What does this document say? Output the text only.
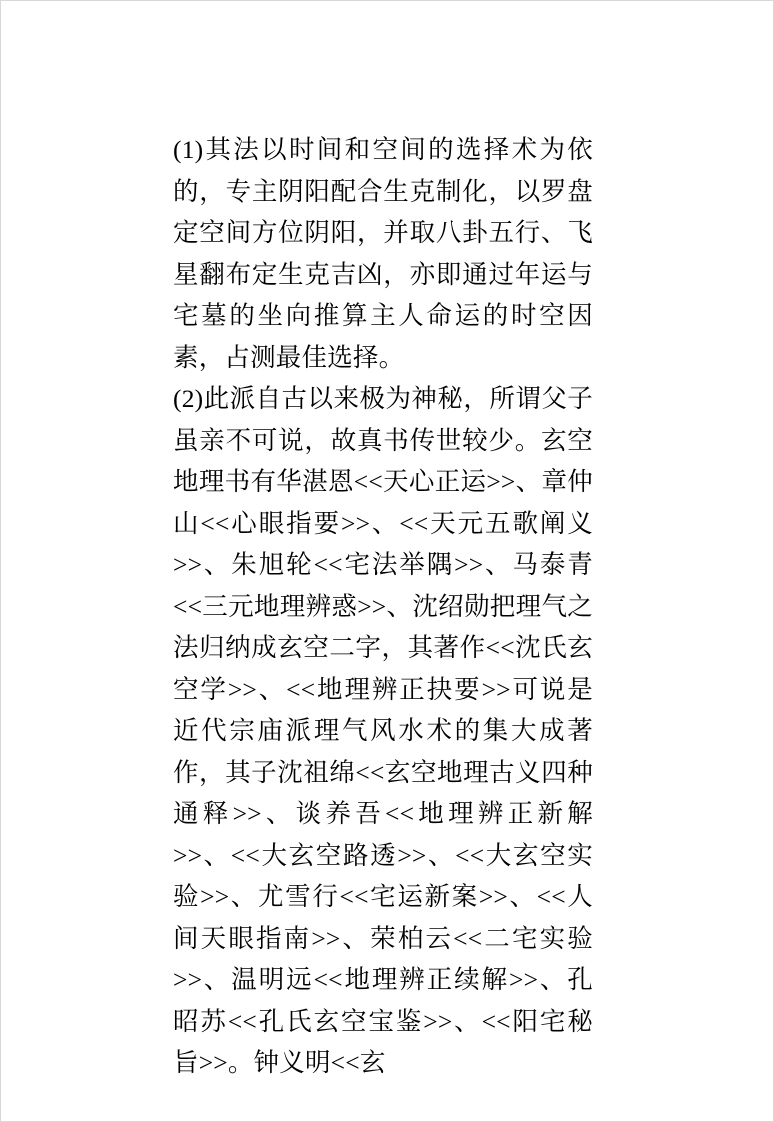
(1)其法以时间和空间的选择术为依的，专主阴阳配合生克制化，以罗盘定空间方位阴阳，并取八卦五行、飞星翻布定生克吉凶，亦即通过年运与宅墓的坐向推算主人命运的时空因素，占测最佳选择。

(2)此派自古以来极为神秘，所谓父子虽亲不可说，故真书传世较少。玄空地理书有华湛恩<<天心正运>>、章仲山<<心眼指要>>、<<天元五歌阐义>>、朱旭轮<<宅法举隅>>、马泰青<<三元地理辨惑>>、沈绍勋把理气之法归纳成玄空二字，其著作<<沈氏玄空学>>、<<地理辨正抉要>>可说是近代宗庙派理气风水术的集大成著作，其子沈祖绵<<玄空地理古义四种通释>>、谈养吾<<地理辨正新解>>、<<大玄空路透>>、<<大玄空实验>>、尤雪行<<宅运新案>>、<<人间天眼指南>>、荣柏云<<二宅实验>>、温明远<<地理辨正续解>>、孔昭苏<<孔氏玄空宝鉴>>、<<阳宅秘旨>>。钟义明<<玄
